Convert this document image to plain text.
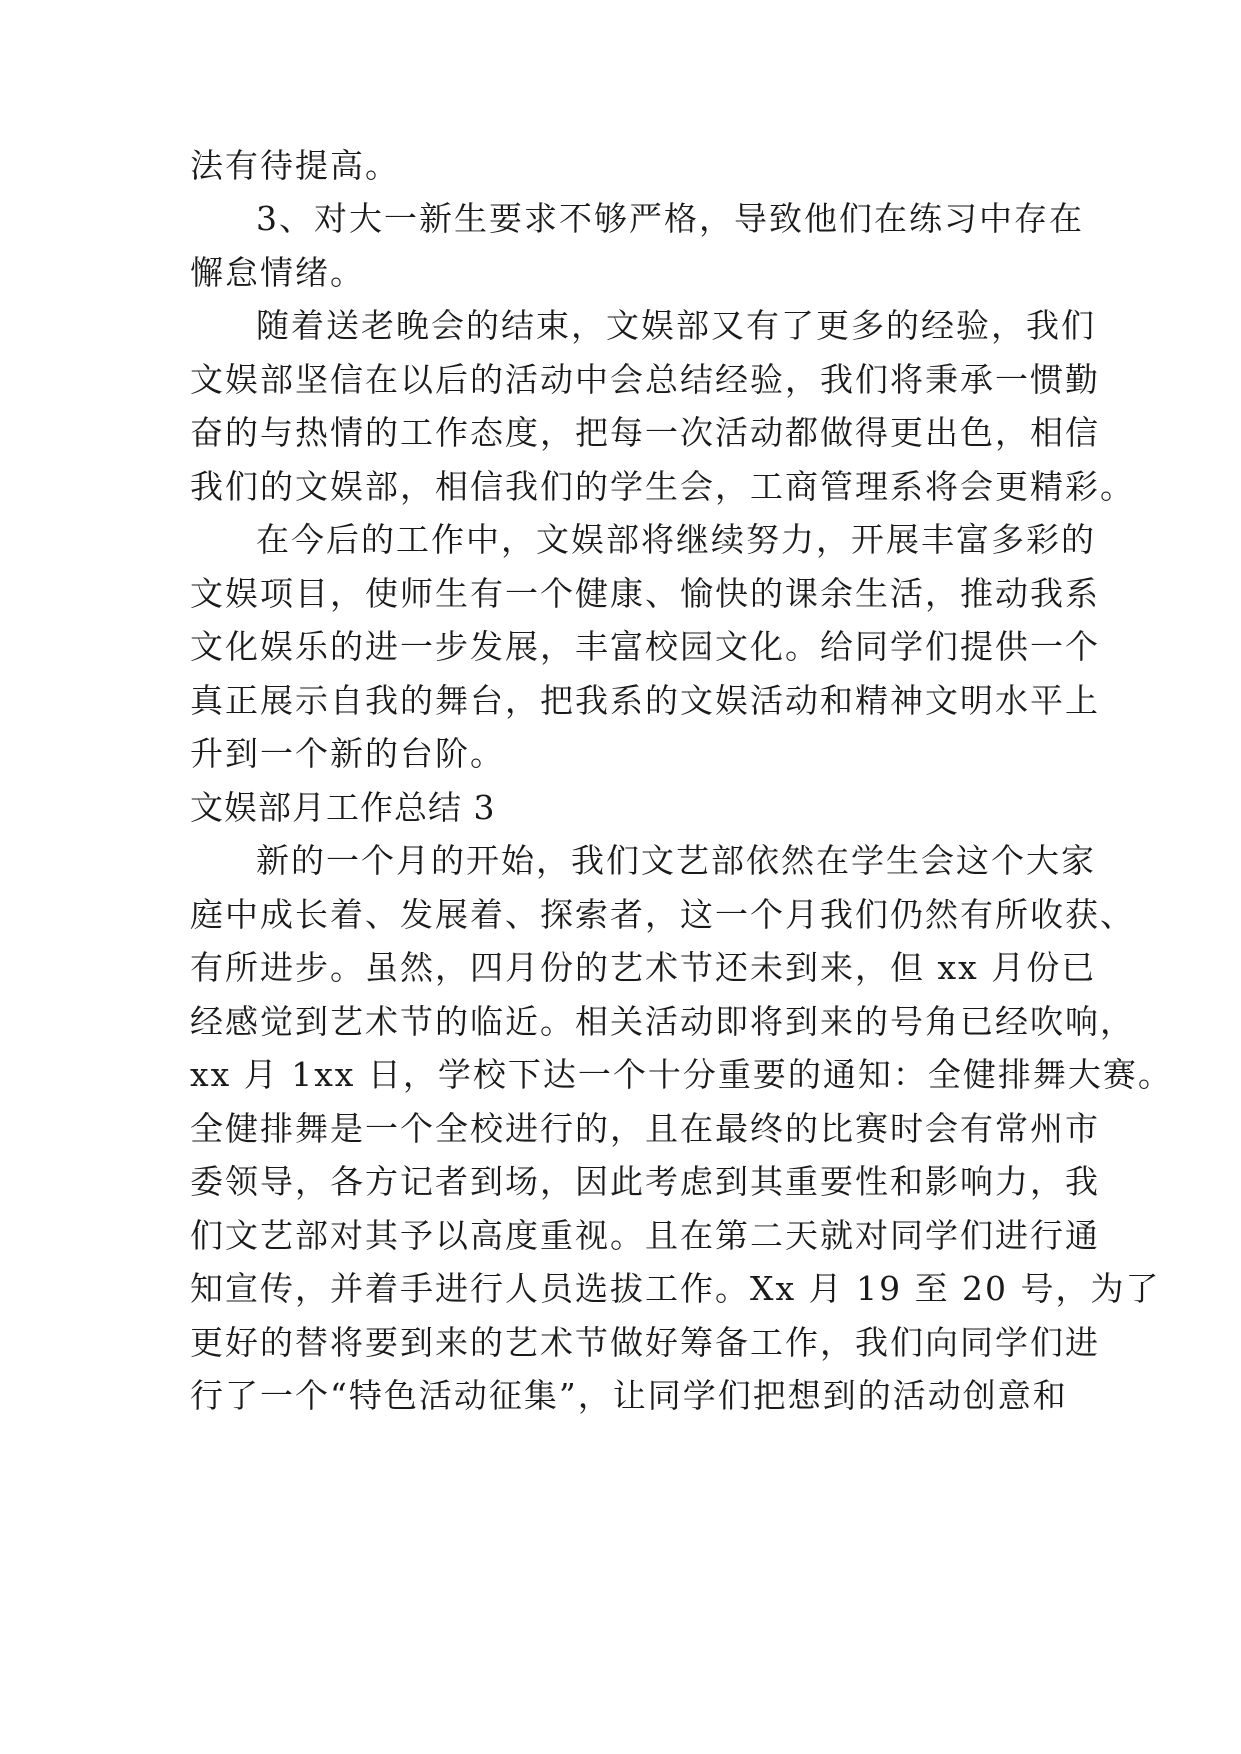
法有待提高。
3、对大一新生要求不够严格，导致他们在练习中存在
懈怠情绪。
随着送老晚会的结束，文娱部又有了更多的经验，我们
文娱部坚信在以后的活动中会总结经验，我们将秉承一惯勤
奋的与热情的工作态度，把每一次活动都做得更出色，相信
我们的文娱部，相信我们的学生会，工商管理系将会更精彩。
在今后的工作中，文娱部将继续努力，开展丰富多彩的
文娱项目，使师生有一个健康、愉快的课余生活，推动我系
文化娱乐的进一步发展，丰富校园文化。给同学们提供一个
真正展示自我的舞台，把我系的文娱活动和精神文明水平上
升到一个新的台阶。
文娱部月工作总结 3
新的一个月的开始，我们文艺部依然在学生会这个大家
庭中成长着、发展着、探索者，这一个月我们仍然有所收获、
有所进步。虽然，四月份的艺术节还未到来，但 xx 月份已
经感觉到艺术节的临近。相关活动即将到来的号角已经吹响，
xx 月 1xx 日，学校下达一个十分重要的通知：全健排舞大赛。
全健排舞是一个全校进行的，且在最终的比赛时会有常州市
委领导，各方记者到场，因此考虑到其重要性和影响力，我
们文艺部对其予以高度重视。且在第二天就对同学们进行通
知宣传，并着手进行人员选拔工作。Xx 月 19 至 20 号，为了
更好的替将要到来的艺术节做好筹备工作，我们向同学们进
行了一个“特色活动征集”，让同学们把想到的活动创意和
